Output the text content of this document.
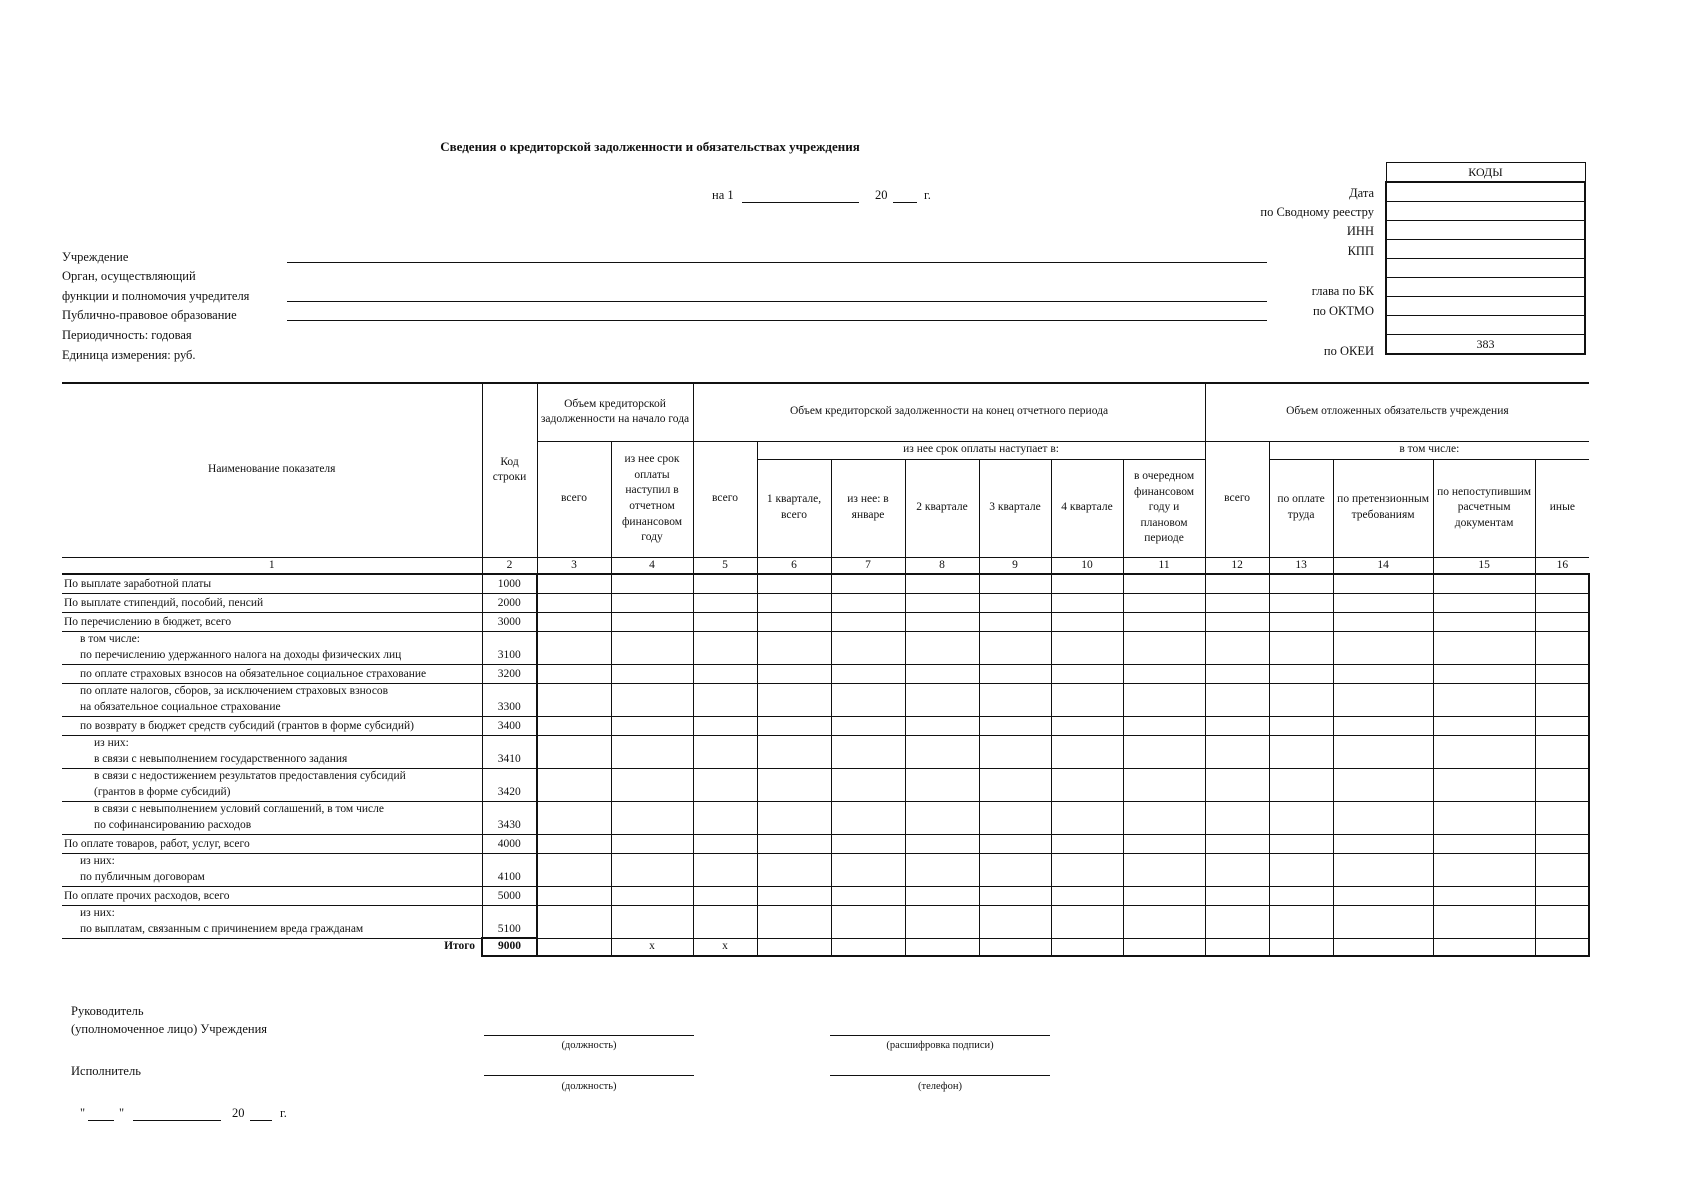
Сведения о кредиторской задолженности и обязательствах учреждения
на 1	20	г.
Учреждение
Орган, осуществляющий
функции и полномочия учредителя
Публично-правовое образование
Периодичность: годовая
Единица измерения: руб.
Дата
по Сводному реестру
ИНН
КПП
глава по БК
по ОКТМО
по ОКЕИ
КОДЫ

383
Наименование показателя	Код строки	Объем кредиторской задолженности на начало года		Объем кредиторской задолженности на конец отчетного периода							Объем отложенных обязательств учреждения				
		всего	из нее срок оплаты наступил в отчетном финансовом году	всего	из нее срок оплаты наступает в:						всего	в том числе:			
					1 квартале, всего	из нее: в январе	2 квартале	3 квартале	4 квартале	в очередном финансовом году и плановом периоде		по оплате труда	по претензионным требованиям	по непоступившим расчетным документам	иные
1	2	3	4	5	6	7	8	9	10	11	12	13	14	15	16
По выплате заработной платы	1000														
По выплате стипендий, пособий, пенсий	2000														
По перечислению в бюджет, всего	3000														
в том числе:
по перечислению удержанного налога на доходы физических лиц	3100														
по оплате страховых взносов на обязательное социальное страхование	3200														
по оплате налогов, сборов, за исключением страховых взносов
на обязательное социальное страхование	3300														
по возврату в бюджет средств субсидий (грантов в форме субсидий)	3400														
из них:
в связи с невыполнением государственного задания	3410														
в связи с недостижением результатов предоставления субсидий
(грантов в форме субсидий)	3420														
в связи с невыполнением условий соглашений, в том числе
по софинансированию расходов	3430														
По оплате товаров, работ, услуг, всего	4000														
из них:
по публичным договорам	4100														
По оплате прочих расходов, всего	5000														
из них:
по выплатам, связанным с причинением вреда гражданам	5100														
Итого	9000		x	x											
Руководитель
(уполномоченное лицо) Учреждения
(должность)	(расшифровка подписи)
Исполнитель
(должность)	(телефон)
"	"	20	г.
